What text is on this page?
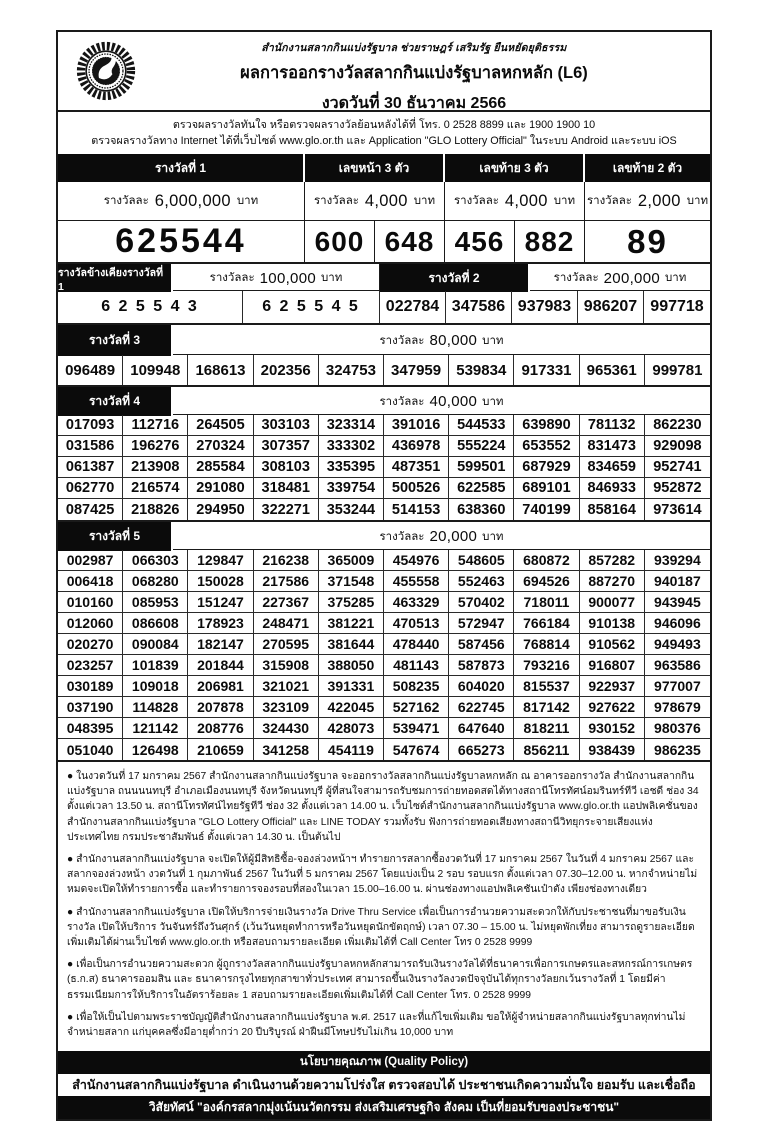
สำนักงานสลากกินแบ่งรัฐบาล ช่วยราษฎร์ เสริมรัฐ ยืนหยัดยุติธรรม
ผลการออกรางวัลสลากกินแบ่งรัฐบาลหกหลัก (L6)
งวดวันที่ 30 ธันวาคม 2566
ตรวจผลรางวัลทันใจ หรือตรวจผลรางวัลย้อนหลังได้ที่ โทร. 0 2528 8899 และ 1900 1900 10
ตรวจผลรางวัลทาง Internet ได้ที่เว็บไซต์ www.glo.or.th และ Application "GLO Lottery Official" ในระบบ Android และระบบ iOS
รางวัลที่ 1	เลขหน้า 3 ตัว	เลขท้าย 3 ตัว	เลขท้าย 2 ตัว
รางวัลละ 6,000,000 บาท	รางวัลละ 4,000 บาท รางวัลละ 4,000 บาท รางวัลละ 2,000 บาท
625544	600 648 456 882	89
รางวัลข้างเคียงรางวัลที่ 1
รางวัลละ 100,000 บาท	รางวัลที่ 2	รางวัลละ 200,000 บาท
6 2 5 5 4 3	6 2 5 5 4 5	022784 347586 937983 986207 997718
รางวัลที่ 3	รางวัลละ 80,000 บาท
096489	109948	168613	202356	324753	347959	539834	917331	965361	999781
รางวัลที่ 4	รางวัลละ 40,000 บาท
017093	112716	264505	303103	323314	391016	544533	639890	781132	862230
031586	196276	270324	307357	333302	436978	555224	653552	831473	929098
061387	213908	285584	308103	335395	487351	599501	687929	834659	952741
062770	216574	291080	318481	339754	500526	622585	689101	846933	952872
087425	218826	294950	322271	353244	514153	638360	740199	858164	973614
รางวัลที่ 5	รางวัลละ 20,000 บาท
002987	066303	129847	216238	365009	454976	548605	680872	857282	939294
006418	068280	150028	217586	371548	455558	552463	694526	887270	940187
010160	085953	151247	227367	375285	463329	570402	718011	900077	943945
012060	086608	178923	248471	381221	470513	572947	766184	910138	946096
020270	090084	182147	270595	381644	478440	587456	768814	910562	949493
023257	101839	201844	315908	388050	481143	587873	793216	916807	963586
030189	109018	206981	321021	391331	508235	604020	815537	922937	977007
037190	114828	207878	323109	422045	527162	622745	817142	927622	978679
048395	121142	208776	324430	428073	539471	647640	818211	930152	980376
051040	126498	210659	341258	454119	547674	665273	856211	938439	986235
● ในงวดวันที่ 17 มกราคม 2567 สำนักงานสลากกินแบ่งรัฐบาล จะออกรางวัลสลากกินแบ่งรัฐบาลหกหลัก ณ อาคารออกรางวัล สำนักงานสลากกินแบ่งรัฐบาล ถนนนนทบุรี อำเภอเมืองนนทบุรี จังหวัดนนทบุรี ผู้ที่สนใจสามารถรับชมการถ่ายทอดสดได้ทางสถานีโทรทัศน์อมรินทร์ทีวี เอชดี ช่อง 34 ตั้งแต่เวลา 13.50 น. สถานีโทรทัศน์ไทยรัฐทีวี ช่อง 32 ตั้งแต่เวลา 14.00 น. เว็บไซต์สำนักงานสลากกินแบ่งรัฐบาล www.glo.or.th แอปพลิเคชั่นของสำนักงานสลากกินแบ่งรัฐบาล "GLO Lottery Official" และ LINE TODAY รวมทั้งรับ ฟังการถ่ายทอดเสียงทางสถานีวิทยุกระจายเสียงแห่งประเทศไทย กรมประชาสัมพันธ์ ตั้งแต่เวลา 14.30 น. เป็นต้นไป
● สำนักงานสลากกินแบ่งรัฐบาล จะเปิดให้ผู้มีสิทธิซื้อ-จองล่วงหน้าฯ ทำรายการสลากซื้องวดวันที่ 17 มกราคม 2567 ในวันที่ 4 มกราคม 2567 และสลากจองล่วงหน้า งวดวันที่ 1 กุมภาพันธ์ 2567 ในวันที่ 5 มกราคม 2567 โดยแบ่งเป็น 2 รอบ รอบแรก ตั้งแต่เวลา 07.30–12.00 น. หากจำหน่ายไม่หมดจะเปิดให้ทำรายการซื้อ และทำรายการจองรอบที่สองในเวลา 15.00–16.00 น. ผ่านช่องทางแอปพลิเคชันเป๋าตัง เพียงช่องทางเดียว
● สำนักงานสลากกินแบ่งรัฐบาล เปิดให้บริการจ่ายเงินรางวัล Drive Thru Service เพื่อเป็นการอำนวยความสะดวกให้กับประชาชนที่มาขอรับเงินรางวัล เปิดให้บริการ วันจันทร์ถึงวันศุกร์ (เว้นวันหยุดทำการหรือวันหยุดนักขัตฤกษ์) เวลา 07.30 – 15.00 น. ไม่หยุดพักเที่ยง สามารถดูรายละเอียดเพิ่มเติมได้ผ่านเว็บไซต์ www.glo.or.th หรือสอบถามรายละเอียด เพิ่มเติมได้ที่ Call Center โทร 0 2528 9999
● เพื่อเป็นการอำนวยความสะดวก ผู้ถูกรางวัลสลากกินแบ่งรัฐบาลหกหลักสามารถรับเงินรางวัลได้ที่ธนาคารเพื่อการเกษตรและสหกรณ์การเกษตร (ธ.ก.ส) ธนาคารออมสิน และ ธนาคารกรุงไทยทุกสาขาทั่วประเทศ สามารถขึ้นเงินรางวัลงวดปัจจุบันได้ทุกรางวัลยกเว้นรางวัลที่ 1 โดยมีค่าธรรมเนียมการให้บริการในอัตราร้อยละ 1 สอบถามรายละเอียดเพิ่มเติมได้ที่ Call Center โทร. 0 2528 9999
● เพื่อให้เป็นไปตามพระราชบัญญัติสำนักงานสลากกินแบ่งรัฐบาล พ.ศ. 2517 และที่แก้ไขเพิ่มเติม ขอให้ผู้จำหน่ายสลากกินแบ่งรัฐบาลทุกท่านไม่จำหน่ายสลาก แก่บุคคลซึ่งมีอายุต่ำกว่า 20 ปีบริบูรณ์ ฝ่าฝืนมีโทษปรับไม่เกิน 10,000 บาท
นโยบายคุณภาพ (Quality Policy)
สำนักงานสลากกินแบ่งรัฐบาล ดำเนินงานด้วยความโปร่งใส ตรวจสอบได้ ประชาชนเกิดความมั่นใจ ยอมรับ และเชื่อถือ
วิสัยทัศน์ "องค์กรสลากมุ่งเน้นนวัตกรรม ส่งเสริมเศรษฐกิจ สังคม เป็นที่ยอมรับของประชาชน"
